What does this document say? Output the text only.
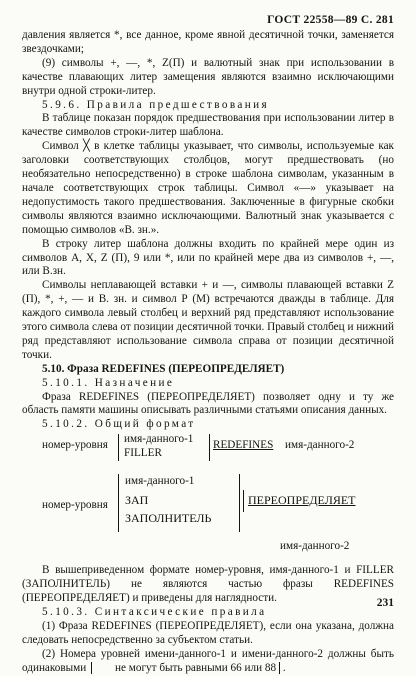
ГОСТ 22558—89 С. 281

давления является *, все данное, кроме явной десятичной точки, заменяется звездочками;

(9) символы +, —, *, Z(П) и валютный знак при использовании в качестве плавающих литер замещения являются взаимно исключающими внутри одной строки-литер.

5.9.6. Правила предшествования

В таблице показан порядок предшествования при использовании литер в качестве символов строки-литер шаблона.

Символ ╳ в клетке таблицы указывает, что символы, используемые как заголовки соответствующих столбцов, могут предшествовать (но необязательно непосредственно) в строке шаблона символам, указанным в начале соответствующих строк таблицы. Символ «—» указывает на недопустимость такого предшествования. Заключенные в фигурные скобки символы являются взаимно исключающими. Валютный знак указывается с помощью символов «В. зн.».

В строку литер шаблона должны входить по крайней мере один из символов A, X, Z (П), 9 или *, или по крайней мере два из символов +, —, или В.зн.

Символы неплавающей вставки + и —, символы плавающей вставки Z (П), *, +, — и В. зн. и символ Р (М) встречаются дважды в таблице. Для каждого символа левый столбец и верхний ряд представляют использование этого символа слева от позиции десятичной точки. Правый столбец и нижний ряд представляют использование символа справа от позиции десятичной точки.

5.10. Фраза REDEFINES (ПЕРЕОПРЕДЕЛЯЕТ)

5.10.1. Назначение

Фраза REDEFINES (ПЕРЕОПРЕДЕЛЯЕТ) позволяет одну и ту же область памяти машины описывать различными статьями описания данных.

5.10.2. Общий формат

номер-уровня имя-данного-1
FILLER
REDEFINES имя-данного-2
номер-уровня
имя-данного-1
ЗАП
ЗАПОЛНИТЕЛЬ
ПЕРЕОПРЕДЕЛЯЕТ
имя-данного-2

В вышеприведенном формате номер-уровня, имя-данного-1 и FILLER (ЗАПОЛНИТЕЛЬ) не являются частью фразы REDEFINES (ПЕРЕОПРЕДЕЛЯЕТ) и приведены для наглядности.

5.10.3. Синтаксические правила

(1) Фраза REDEFINES (ПЕРЕОПРЕДЕЛЯЕТ), если она указана, должна следовать непосредственно за субъектом статьи.

(2) Номера уровней имени-данного-1 и имени-данного-2 должны быть одинаковыми	не могут быть равными 66 или 88 .

231
